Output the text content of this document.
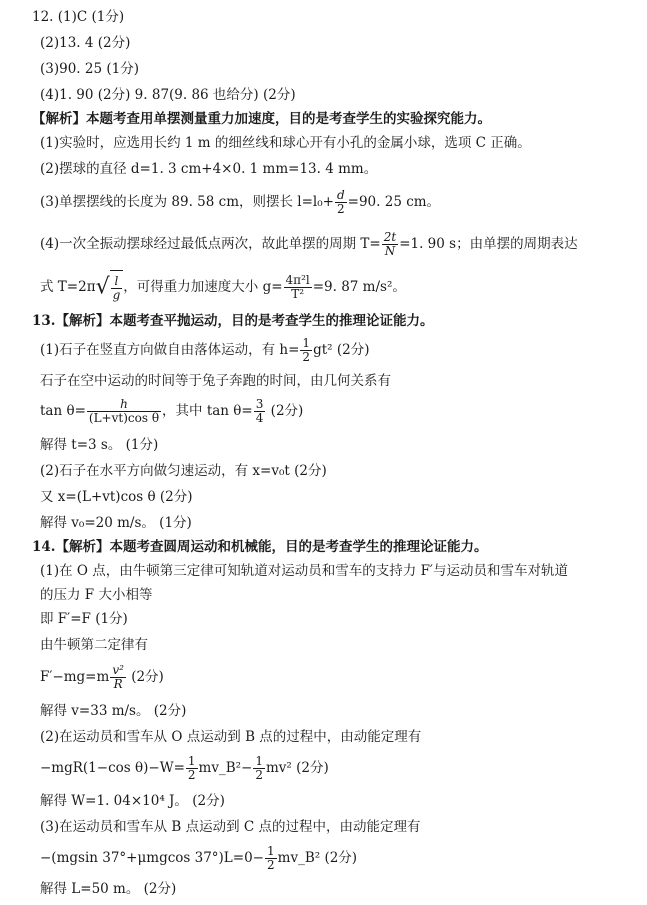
12. (1)C (1分)
(2)13. 4 (2分)
(3)90. 25 (1分)
(4)1. 90 (2分) 9. 87(9. 86 也给分) (2分)
【解析】本题考查用单摆测量重力加速度，目的是考查学生的实验探究能力。
(1)实验时，应选用长约 1 m 的细丝线和球心开有小孔的金属小球，选项 C 正确。
(2)摆球的直径 d=1. 3 cm+4×0. 1 mm=13. 4 mm。
(3)单摆摆线的长度为 89. 58 cm，则摆长 $l=l_0+ \frac{d}{2} =90$. 25 cm。
(4)一次全振动摆球经过最低点两次，故此单摆的周期 $T= \frac{2t}{N} =1$. 90 s；由单摆的周期表达
式 $T=2\pi√ \frac{l}{g}$ ，可得重力加速度大小 $g= \frac{\text{4π²l}}{\text{T²}} =9$. 87 m/s²。
13.【解析】本题考查平抛运动，目的是考查学生的推理论证能力。
(1)石子在竖直方向做自由落体运动，有 $h= \frac{1}{2} gt^2$ (2分)
石子在空中运动的时间等于兔子奔跑的时间，由几何关系有
$\tan \theta= \frac{h}{\text{(L+vt)cos θ}}$ ，其中 $\tan \theta= \frac{3}{4} (2$分)
解得 t=3 s。 (1分)
(2)石子在水平方向做匀速运动，有 x=v₀t (2分)
又 x=(L+vt)cos θ (2分)
解得 v₀=20 m/s。 (1分)
14.【解析】本题考查圆周运动和机械能，目的是考查学生的推理论证能力。
(1)在 O 点，由牛顿第三定律可知轨道对运动员和雪车的支持力 F′与运动员和雪车对轨道
的压力 F 大小相等
即 F′=F (1分)
由牛顿第二定律有
$F'-mg=m \frac{\text{v²}}{R} (2$分)
解得 v=33 m/s。 (2分)
(2)在运动员和雪车从 O 点运动到 B 点的过程中，由动能定理有
−mgR(1−cos $\theta)-W= \frac{1}{2}$ mv_B²− $\frac{1}{2} mv^2$ (2分)
解得 W=1. 04×10⁴ J。 (2分)
(3)在运动员和雪车从 B 点运动到 C 点的过程中，由动能定理有
−(mgsin 37°+μmgcos $37^\circ)L=0- \frac{1}{2}$ mv_B² (2分)
解得 L=50 m。 (2分)
